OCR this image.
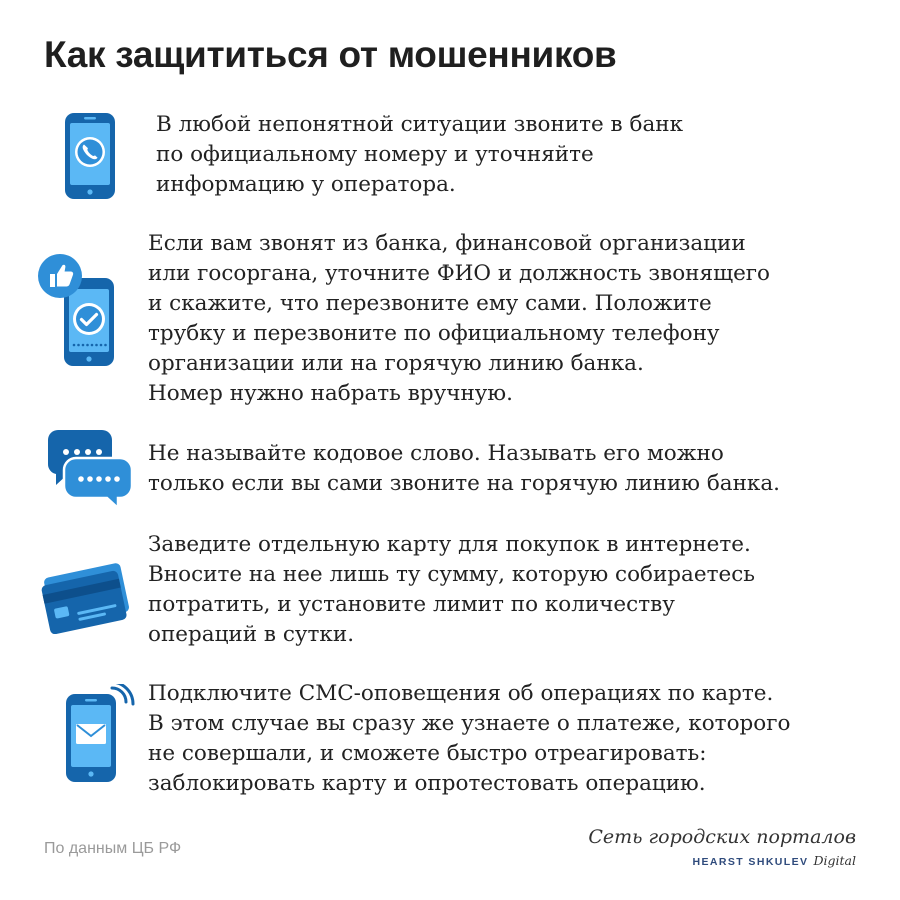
Как защититься от мошенников

В любой непонятной ситуации звоните в банк
по официальному номеру и уточняйте
информацию у оператора.

Если вам звонят из банка, финансовой организации
или госоргана, уточните ФИО и должность звонящего
и скажите, что перезвоните ему сами. Положите
трубку и перезвоните по официальному телефону
организации или на горячую линию банка.
Номер нужно набрать вручную.

Не называйте кодовое слово. Называть его можно
только если вы сами звоните на горячую линию банка.

Заведите отдельную карту для покупок в интернете.
Вносите на нее лишь ту сумму, которую собираетесь
потратить, и установите лимит по количеству
операций в сутки.

Подключите СМС-оповещения об операциях по карте.
В этом случае вы сразу же узнаете о платеже, которого
не совершали, и сможете быстро отреагировать:
заблокировать карту и опротестовать операцию.

По данным ЦБ РФ
Сеть городских порталов
HEARST SHKULEV Digital
